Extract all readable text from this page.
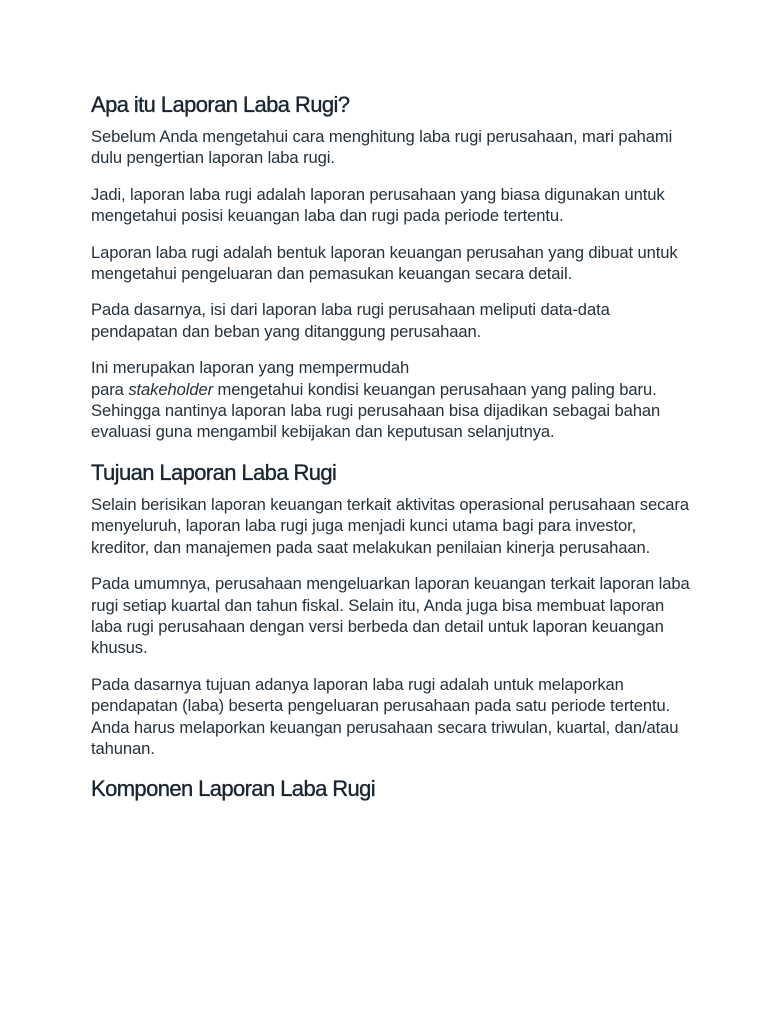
Apa itu Laporan Laba Rugi?

Sebelum Anda mengetahui cara menghitung laba rugi perusahaan, mari pahami dulu pengertian laporan laba rugi.

Jadi, laporan laba rugi adalah laporan perusahaan yang biasa digunakan untuk mengetahui posisi keuangan laba dan rugi pada periode tertentu.

Laporan laba rugi adalah bentuk laporan keuangan perusahan yang dibuat untuk mengetahui pengeluaran dan pemasukan keuangan secara detail.

Pada dasarnya, isi dari laporan laba rugi perusahaan meliputi data-data pendapatan dan beban yang ditanggung perusahaan.

Ini merupakan laporan yang mempermudah
para stakeholder mengetahui kondisi keuangan perusahaan yang paling baru. Sehingga nantinya laporan laba rugi perusahaan bisa dijadikan sebagai bahan evaluasi guna mengambil kebijakan dan keputusan selanjutnya.

Tujuan Laporan Laba Rugi

Selain berisikan laporan keuangan terkait aktivitas operasional perusahaan secara menyeluruh, laporan laba rugi juga menjadi kunci utama bagi para investor, kreditor, dan manajemen pada saat melakukan penilaian kinerja perusahaan.

Pada umumnya, perusahaan mengeluarkan laporan keuangan terkait laporan laba rugi setiap kuartal dan tahun fiskal. Selain itu, Anda juga bisa membuat laporan laba rugi perusahaan dengan versi berbeda dan detail untuk laporan keuangan khusus.

Pada dasarnya tujuan adanya laporan laba rugi adalah untuk melaporkan pendapatan (laba) beserta pengeluaran perusahaan pada satu periode tertentu. Anda harus melaporkan keuangan perusahaan secara triwulan, kuartal, dan/atau tahunan.

Komponen Laporan Laba Rugi
